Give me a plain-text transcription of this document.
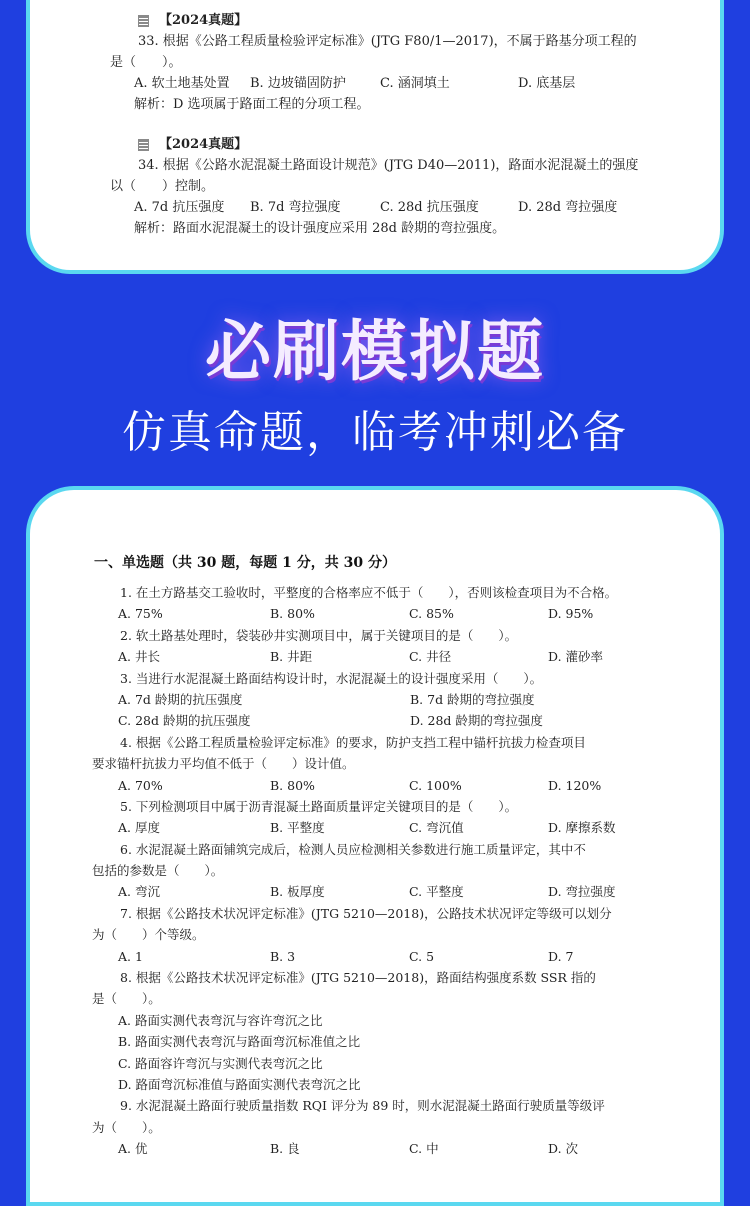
【2024真题】
33. 根据《公路工程质量检验评定标准》(JTG F80/1—2017)，不属于路基分项工程的
是（　　）。
A. 软土地基处置	B. 边坡锚固防护	C. 涵洞填土	D. 底基层
解析：D 选项属于路面工程的分项工程。
【2024真题】
34. 根据《公路水泥混凝土路面设计规范》(JTG D40—2011)，路面水泥混凝土的强度
以（　　）控制。
A. 7d 抗压强度	B. 7d 弯拉强度	C. 28d 抗压强度	D. 28d 弯拉强度
解析：路面水泥混凝土的设计强度应采用 28d 龄期的弯拉强度。
必刷模拟题
仿真命题，临考冲刺必备
一、单选题（共 30 题，每题 1 分，共 30 分）
1. 在土方路基交工验收时，平整度的合格率应不低于（　　），否则该检查项目为不合格。
A. 75%	B. 80%	C. 85%	D. 95%
2. 软土路基处理时，袋装砂井实测项目中，属于关键项目的是（　　）。
A. 井长	B. 井距	C. 井径	D. 灌砂率
3. 当进行水泥混凝土路面结构设计时，水泥混凝土的设计强度采用（　　）。
A. 7d 龄期的抗压强度	B. 7d 龄期的弯拉强度
C. 28d 龄期的抗压强度	D. 28d 龄期的弯拉强度
4. 根据《公路工程质量检验评定标准》的要求，防护支挡工程中锚杆抗拔力检查项目
要求锚杆抗拔力平均值不低于（　　）设计值。
A. 70%	B. 80%	C. 100%	D. 120%
5. 下列检测项目中属于沥青混凝土路面质量评定关键项目的是（　　）。
A. 厚度	B. 平整度	C. 弯沉值	D. 摩擦系数
6. 水泥混凝土路面铺筑完成后，检测人员应检测相关参数进行施工质量评定，其中不
包括的参数是（　　）。
A. 弯沉	B. 板厚度	C. 平整度	D. 弯拉强度
7. 根据《公路技术状况评定标准》(JTG 5210—2018)，公路技术状况评定等级可以划分
为（　　）个等级。
A. 1	B. 3	C. 5	D. 7
8. 根据《公路技术状况评定标准》(JTG 5210—2018)，路面结构强度系数 SSR 指的
是（　　）。
A. 路面实测代表弯沉与容许弯沉之比
B. 路面实测代表弯沉与路面弯沉标准值之比
C. 路面容许弯沉与实测代表弯沉之比
D. 路面弯沉标准值与路面实测代表弯沉之比
9. 水泥混凝土路面行驶质量指数 RQI 评分为 89 时，则水泥混凝土路面行驶质量等级评
为（　　）。
A. 优	B. 良	C. 中	D. 次
